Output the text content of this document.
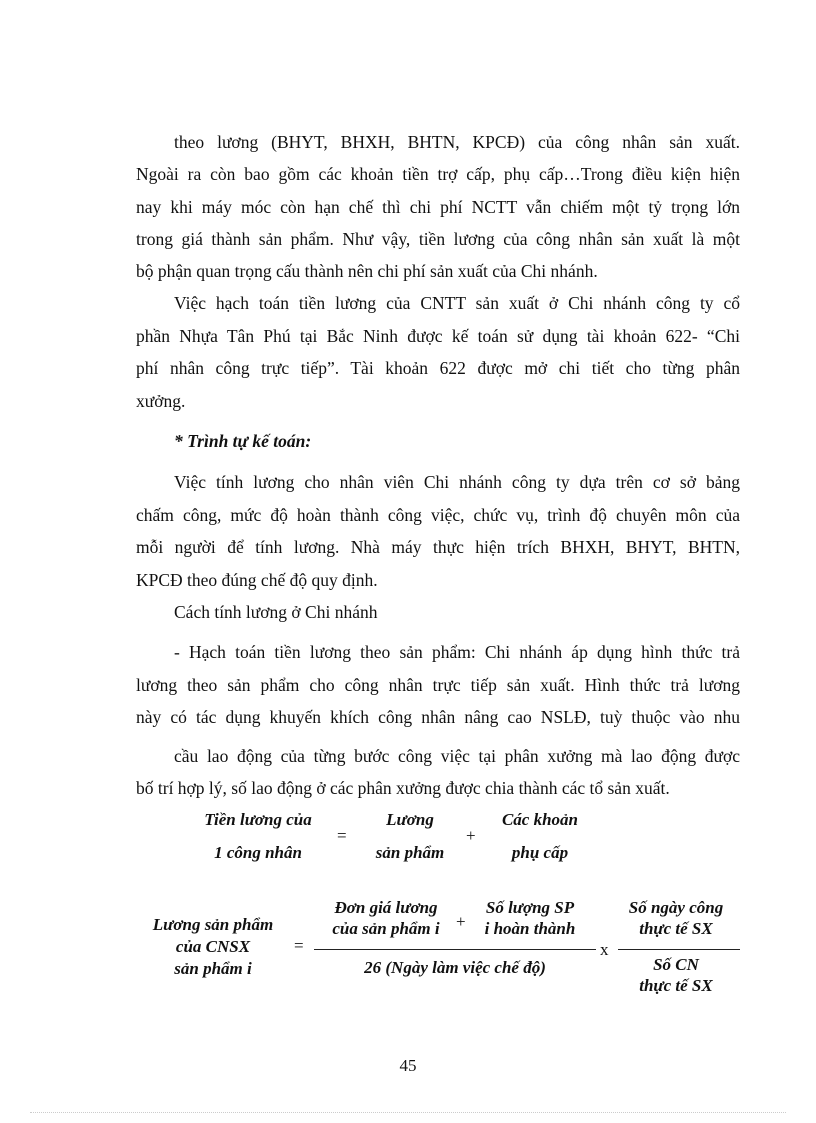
theo lương (BHYT, BHXH, BHTN, KPCĐ) của công nhân sản xuất.
Ngoài ra còn bao gồm các khoản tiền trợ cấp, phụ cấp…Trong điều kiện hiện
nay khi máy móc còn hạn chế thì chi phí NCTT vẫn chiếm một tỷ trọng lớn
trong giá thành sản phẩm. Như vậy, tiền lương của công nhân sản xuất là một
bộ phận quan trọng cấu thành nên chi phí sản xuất của Chi nhánh.
Việc hạch toán tiền lương của CNTT sản xuất ở Chi nhánh công ty cổ
phần Nhựa Tân Phú tại Bắc Ninh được kế toán sử dụng tài khoản 622- “Chi
phí nhân công trực tiếp”. Tài khoản 622 được mở chi tiết cho từng phân
xưởng.
* Trình tự kế toán:
Việc tính lương cho nhân viên Chi nhánh công ty dựa trên cơ sở bảng
chấm công, mức độ hoàn thành công việc, chức vụ, trình độ chuyên môn của
mỗi người để tính lương. Nhà máy thực hiện trích BHXH, BHYT, BHTN,
KPCĐ theo đúng chế độ quy định.
Cách tính lương ở Chi nhánh
- Hạch toán tiền lương theo sản phẩm: Chi nhánh áp dụng hình thức trả
lương theo sản phẩm cho công nhân trực tiếp sản xuất. Hình thức trả lương
này có tác dụng khuyến khích công nhân nâng cao NSLĐ, tuỳ thuộc vào nhu
cầu lao động của từng bước công việc tại phân xưởng mà lao động được
bố trí hợp lý, số lao động ở các phân xưởng được chia thành các tổ sản xuất.
Tiền lương của
1 công nhân
=
Lương
sản phẩm
+
Các khoản
phụ cấp
Lương sản phẩm
của CNSX
sản phẩm i
=
Đơn giá lương
của sản phẩm i +
Số lượng SP
i hoàn thành
26 (Ngày làm việc chế độ)
x
Số ngày công
thực tế SX
Số CN
thực tế SX
45
